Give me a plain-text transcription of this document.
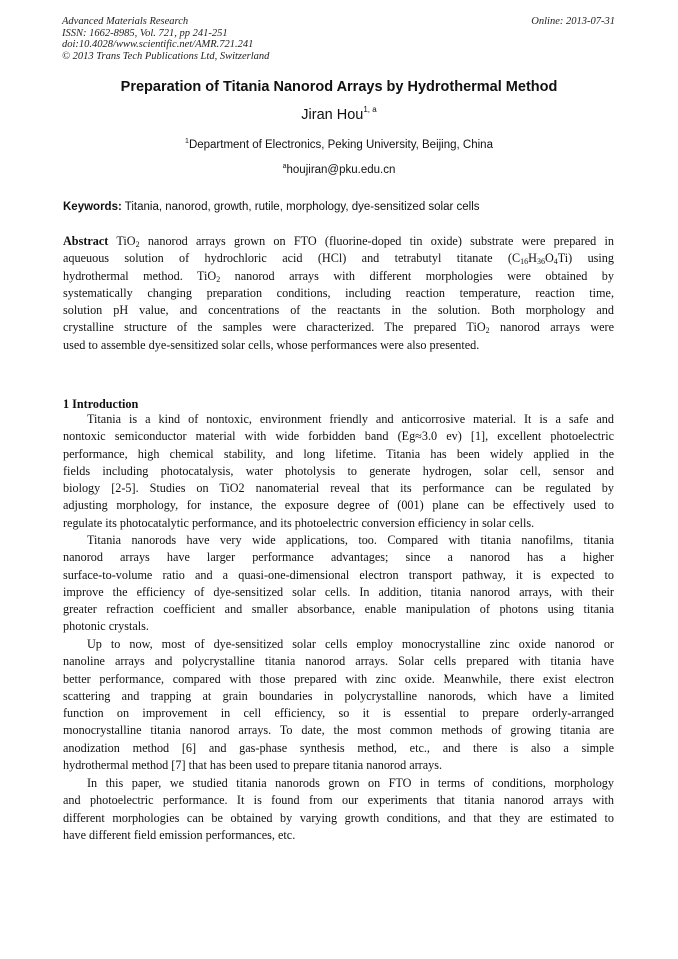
Advanced Materials Research
ISSN: 1662-8985, Vol. 721, pp 241-251
doi:10.4028/www.scientific.net/AMR.721.241
© 2013 Trans Tech Publications Ltd, Switzerland
Online: 2013-07-31
Preparation of Titania Nanorod Arrays by Hydrothermal Method
Jiran Hou$^{1, a}$
$^1$Department of Electronics, Peking University, Beijing, China
$^a$houjiran@pku.edu.cn
Keywords: Titania, nanorod, growth, rutile, morphology, dye-sensitized solar cells
Abstract TiO$_2$ nanorod arrays grown on FTO (fluorine-doped tin oxide) substrate were prepared in
aqueuous solution of hydrochloric acid (HCl) and tetrabutyl titanate $(C_{16}H_{36}O_4Ti)$ using
hydrothermal method. TiO$_2$ nanorod arrays with different morphologies were obtained by
systematically changing preparation conditions, including reaction temperature, reaction time,
solution pH value, and concentrations of the reactants in the solution. Both morphology and
crystalline structure of the samples were characterized. The prepared TiO$_2$ nanorod arrays were
used to assemble dye-sensitized solar cells, whose performances were also presented.
1 Introduction
Titania is a kind of nontoxic, environment friendly and anticorrosive material. It is a safe and
nontoxic semiconductor material with wide forbidden band (Eg≈3.0 ev) [1], excellent photoelectric
performance, high chemical stability, and long lifetime. Titania has been widely applied in the
fields including photocatalysis, water photolysis to generate hydrogen, solar cell, sensor and
biology [2-5]. Studies on TiO2 nanomaterial reveal that its performance can be regulated by
adjusting morphology, for instance, the exposure degree of (001) plane can be effectively used to
regulate its photocatalytic performance, and its photoelectric conversion efficiency in solar cells.
Titania nanorods have very wide applications, too. Compared with titania nanofilms, titania
nanorod arrays have larger performance advantages; since a nanorod has a higher
surface-to-volume ratio and a quasi-one-dimensional electron transport pathway, it is expected to
improve the efficiency of dye-sensitized solar cells. In addition, titania nanorod arrays, with their
greater refraction coefficient and smaller absorbance, enable manipulation of photons using titania
photonic crystals.
Up to now, most of dye-sensitized solar cells employ monocrystalline zinc oxide nanorod or
nanoline arrays and polycrystalline titania nanorod arrays. Solar cells prepared with titania have
better performance, compared with those prepared with zinc oxide. Meanwhile, there exist electron
scattering and trapping at grain boundaries in polycrystalline nanorods, which have a limited
function on improvement in cell efficiency, so it is essential to prepare orderly-arranged
monocrystalline titania nanorod arrays. To date, the most common methods of growing titania are
anodization method [6] and gas-phase synthesis method, etc., and there is also a simple
hydrothermal method [7] that has been used to prepare titania nanorod arrays.
In this paper, we studied titania nanorods grown on FTO in terms of conditions, morphology
and photoelectric performance. It is found from our experiments that titania nanorod arrays with
different morphologies can be obtained by varying growth conditions, and that they are estimated to
have different field emission performances, etc.
